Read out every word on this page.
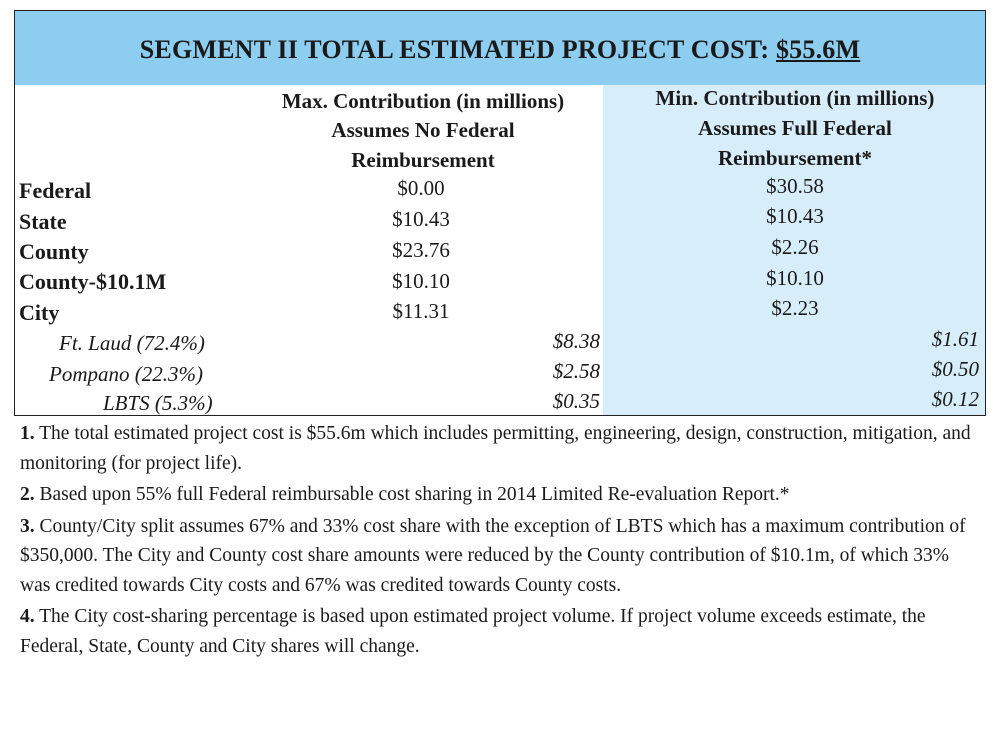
SEGMENT II TOTAL ESTIMATED PROJECT COST: $55.6M
Max. Contribution (in millions)
Assumes No Federal
Reimbursement
Min. Contribution (in millions)
Assumes Full Federal
Reimbursement*
Federal	$0.00	$30.58
State	$10.43	$10.43
County	$23.76	$2.26
County-$10.1M	$10.10	$10.10
City	$11.31	$2.23
Ft. Laud (72.4%)	$8.38	$1.61
Pompano (22.3%)	$2.58	$0.50
LBTS (5.3%)	$0.35	$0.12

1. The total estimated project cost is $55.6m which includes permitting, engineering, design, construction, mitigation, and monitoring (for project life).

2. Based upon 55% full Federal reimbursable cost sharing in 2014 Limited Re-evaluation Report.*

3. County/City split assumes 67% and 33% cost share with the exception of LBTS which has a maximum contribution of $350,000. The City and County cost share amounts were reduced by the County contribution of $10.1m, of which 33% was credited towards City costs and 67% was credited towards County costs.

4. The City cost-sharing percentage is based upon estimated project volume. If project volume exceeds estimate, the Federal, State, County and City shares will change.
